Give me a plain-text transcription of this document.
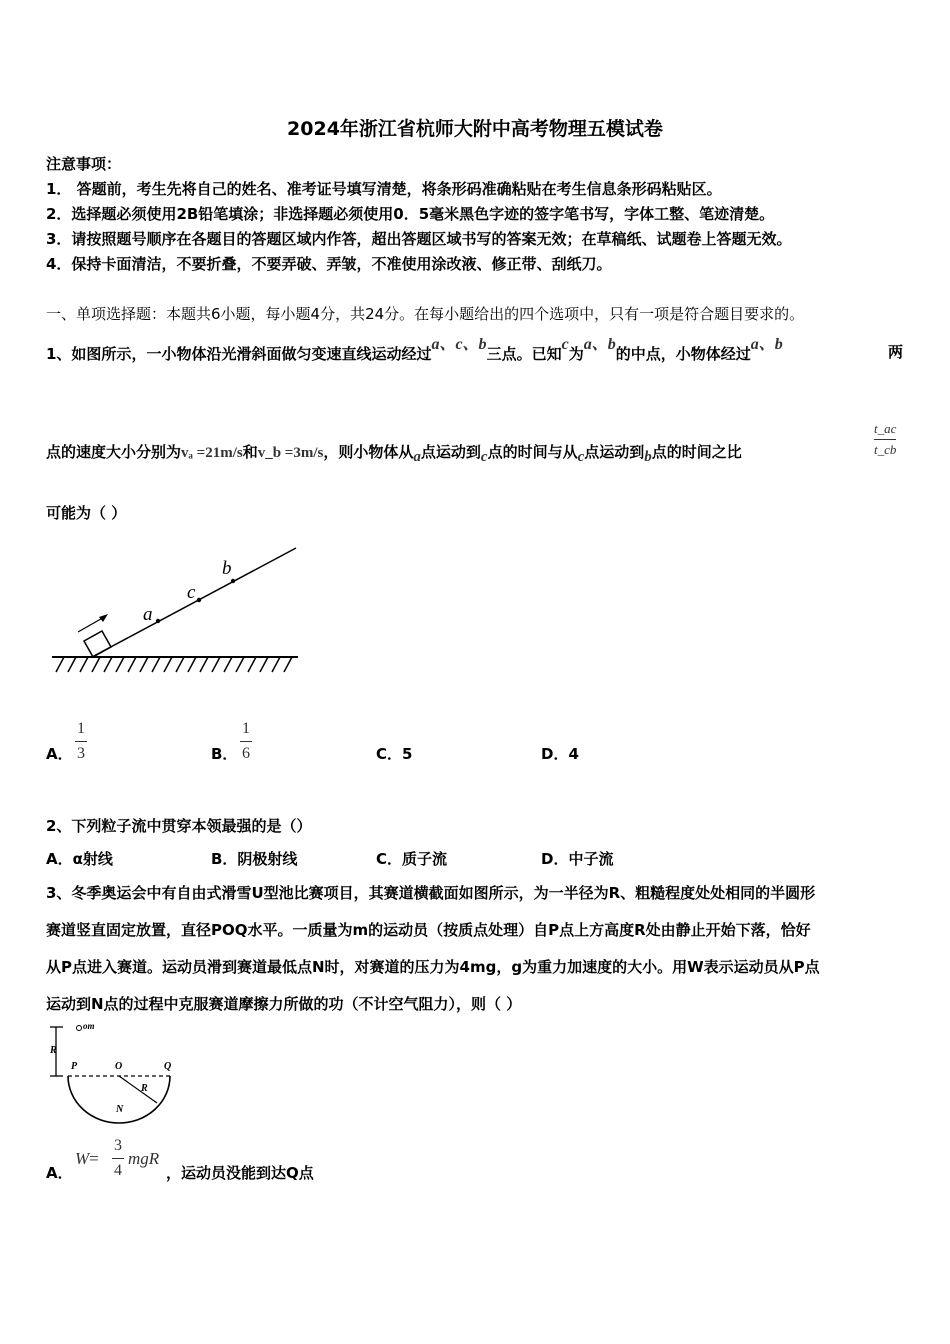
2024年浙江省杭师大附中高考物理五模试卷
注意事项：
1． 答题前，考生先将自己的姓名、准考证号填写清楚，将条形码准确粘贴在考生信息条形码粘贴区。
2．选择题必须使用2B铅笔填涂；非选择题必须使用0．5毫米黑色字迹的签字笔书写，字体工整、笔迹清楚。
3．请按照题号顺序在各题目的答题区域内作答，超出答题区域书写的答案无效；在草稿纸、试题卷上答题无效。
4．保持卡面清洁，不要折叠，不要弄破、弄皱，不准使用涂改液、修正带、刮纸刀。
一、单项选择题：本题共6小题，每小题4分，共24分。在每小题给出的四个选项中，只有一项是符合题目要求的。
1、如图所示，一小物体沿光滑斜面做匀变速直线运动经过a、c、b三点。已知c为a、b的中点，小物体经过a、b	两
点的速度大小分别为vₐ =21m/s和v_b =3m/s，则小物体从a点运动到c点的时间与从c点运动到b点的时间之比	$\frac{t\_ac}{t\_cb}$
可能为（ ）
a
c
b
A． $\frac{1}{3}$	B． $\frac{1}{6}$	C．5	D．4
2、下列粒子流中贯穿本领最强的是（）
A．α射线	B．阴极射线	C．质子流	D．中子流
3、冬季奥运会中有自由式滑雪U型池比赛项目，其赛道横截面如图所示，为一半径为R、粗糙程度处处相同的半圆形
赛道竖直固定放置，直径POQ水平。一质量为m的运动员（按质点处理）自P点上方高度R处由静止开始下落，恰好
从P点进入赛道。运动员滑到赛道最低点N时，对赛道的压力为4mg，g为重力加速度的大小。用W表示运动员从P点
运动到N点的过程中克服赛道摩擦力所做的功（不计空气阻力），则（ ）
om
R
P	O	Q
R
N
A．
$W= \frac{3}{4}$ mgR
，运动员没能到达Q点
